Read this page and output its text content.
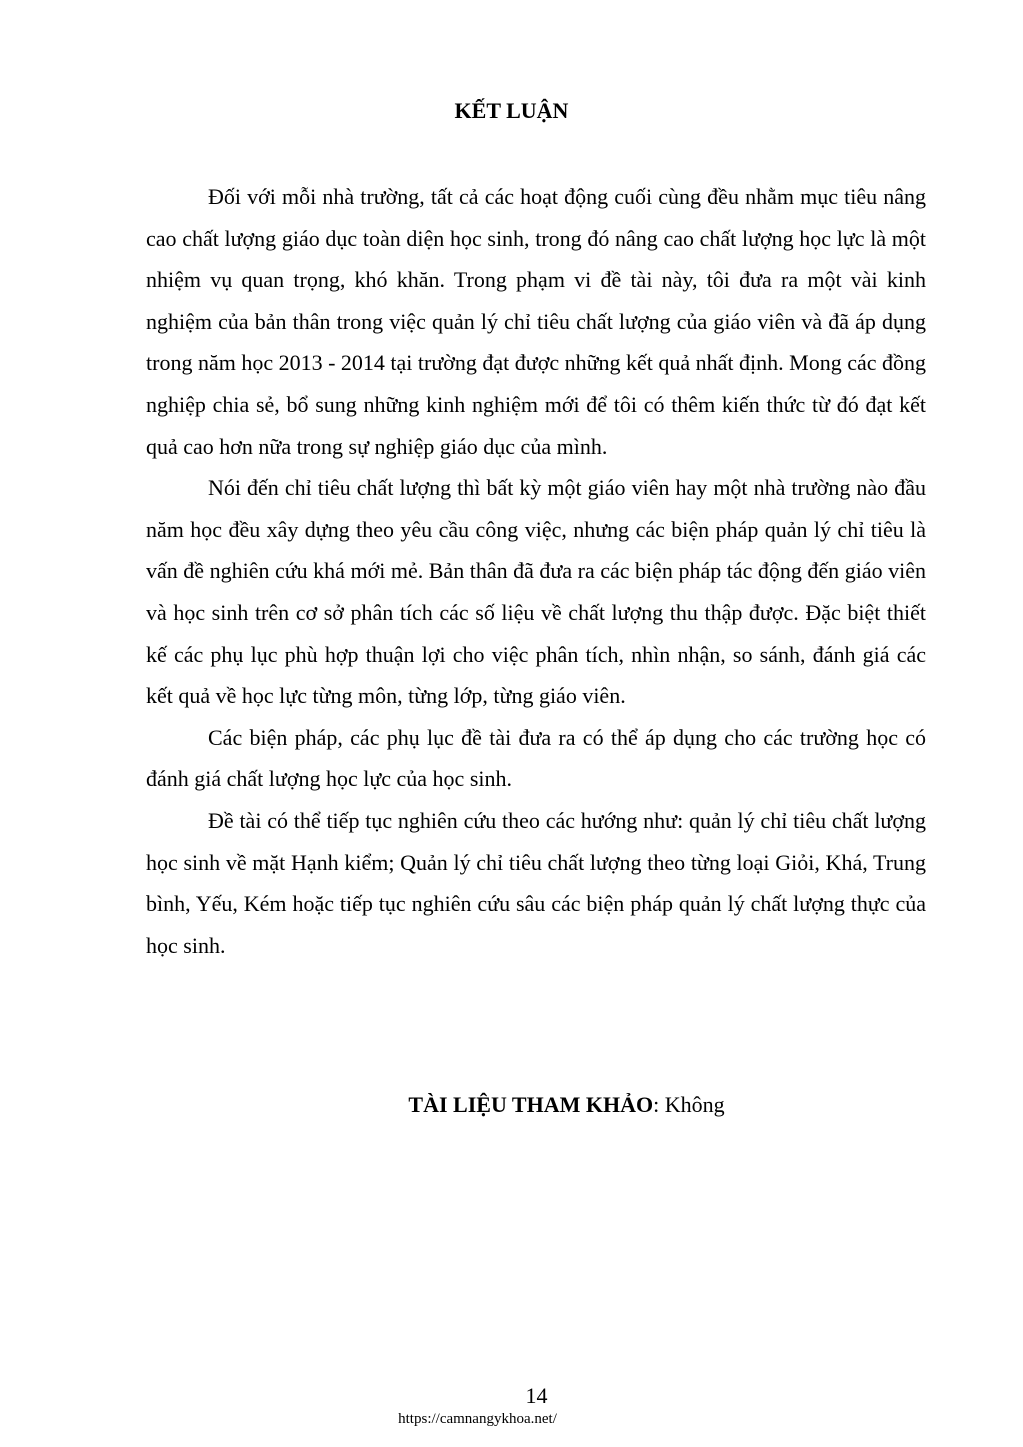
KẾT LUẬN

Đối với mỗi nhà trường, tất cả các hoạt động cuối cùng đều nhằm mục tiêu nâng cao chất lượng giáo dục toàn diện học sinh, trong đó nâng cao chất lượng học lực là một nhiệm vụ quan trọng, khó khăn. Trong phạm vi đề tài này, tôi đưa ra một vài kinh nghiệm của bản thân trong việc quản lý chỉ tiêu chất lượng của giáo viên và đã áp dụng trong năm học 2013 - 2014 tại trường đạt được những kết quả nhất định. Mong các đồng nghiệp chia sẻ, bổ sung những kinh nghiệm mới để tôi có thêm kiến thức từ đó đạt kết quả cao hơn nữa trong sự nghiệp giáo dục của mình.

Nói đến chỉ tiêu chất lượng thì bất kỳ một giáo viên hay một nhà trường nào đầu năm học đều xây dựng theo yêu cầu công việc, nhưng các biện pháp quản lý chỉ tiêu là vấn đề nghiên cứu khá mới mẻ. Bản thân đã đưa ra các biện pháp tác động đến giáo viên và học sinh trên cơ sở phân tích các số liệu về chất lượng thu thập được. Đặc biệt thiết kế các phụ lục phù hợp thuận lợi cho việc phân tích, nhìn nhận, so sánh, đánh giá các kết quả về học lực từng môn, từng lớp, từng giáo viên.

Các biện pháp, các phụ lục đề tài đưa ra có thể áp dụng cho các trường học có đánh giá chất lượng học lực của học sinh.

Đề tài có thể tiếp tục nghiên cứu theo các hướng như: quản lý chỉ tiêu chất lượng học sinh về mặt Hạnh kiểm; Quản lý chỉ tiêu chất lượng theo từng loại Giỏi, Khá, Trung bình, Yếu, Kém hoặc tiếp tục nghiên cứu sâu các biện pháp quản lý chất lượng thực của học sinh.

TÀI LIỆU THAM KHẢO: Không

14

https://camnangykhoa.net/
